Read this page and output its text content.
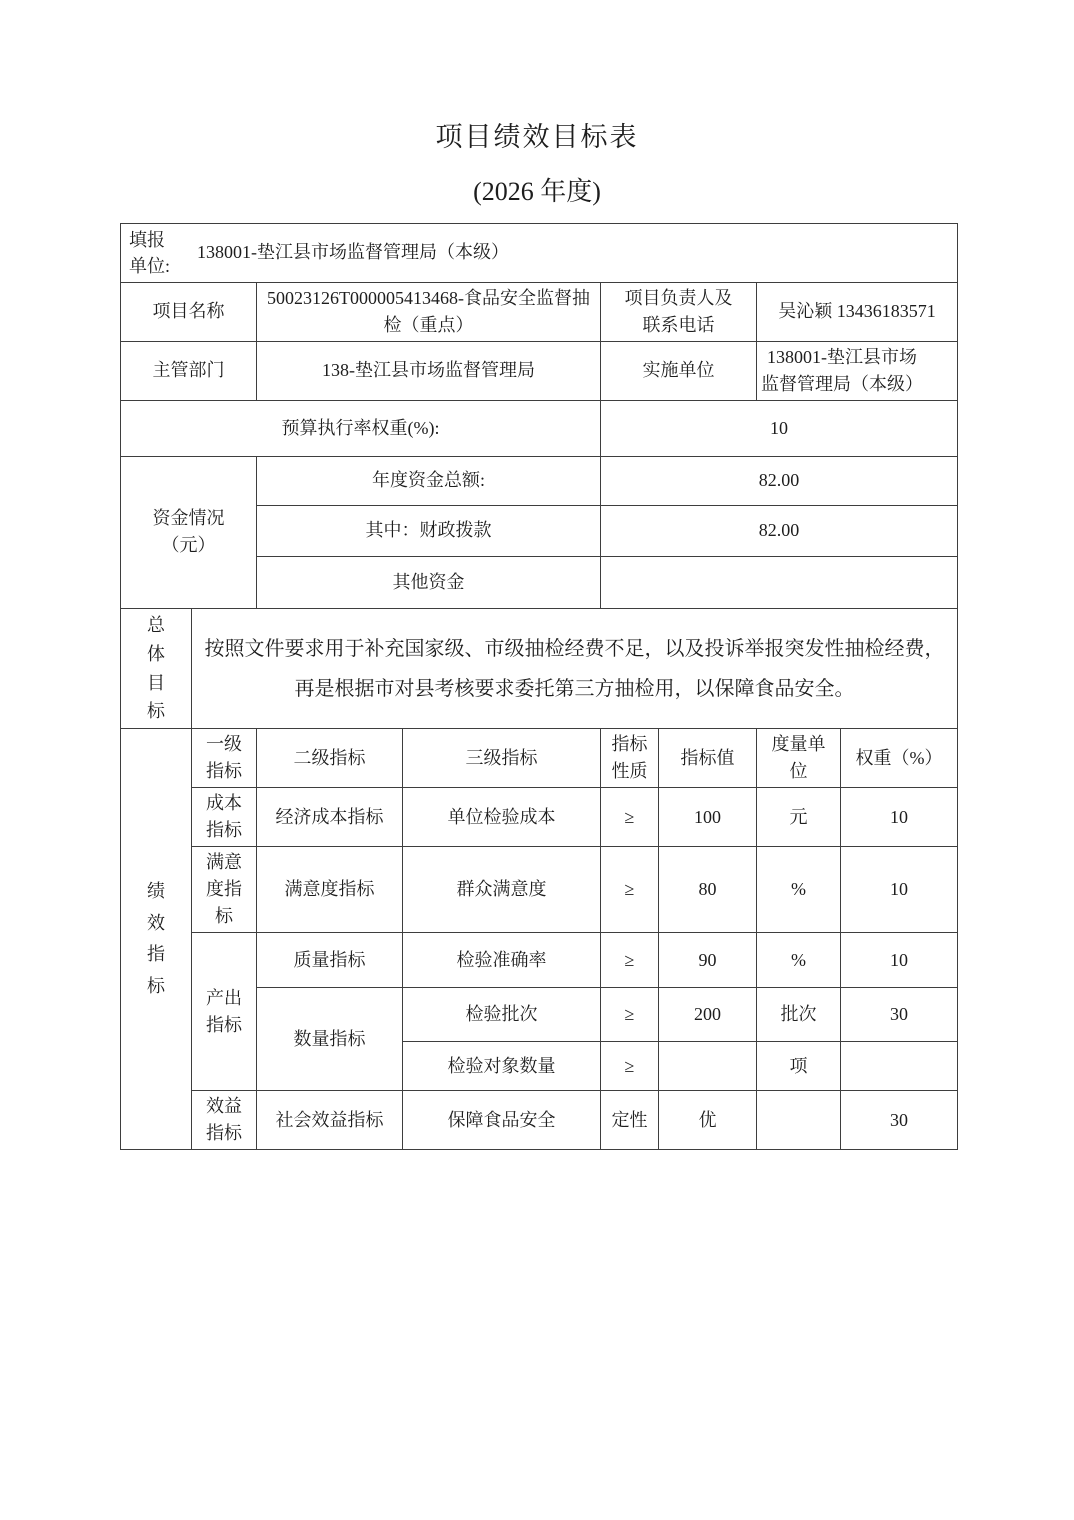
项目绩效目标表
(2026 年度)
填报单位:
138001-垫江县市场监督管理局（本级）							

项目名称		50023126T000005413468-食品安全监督抽检（重点）		项目负责人及联系电话		吴沁颖 13436183571	
主管部门		138-垫江县市场监督管理局		实施单位		138001-垫江县市场监督管理局（本级）	

预算执行率权重(%):				10			

资金情况（元）		年度资金总额:		82.00			
		其中：财政拨款		82.00			
		其他资金					

总体目标	按照文件要求用于补充国家级、市级抽检经费不足，以及投诉举报突发性抽检经费，再是根据市对县考核要求委托第三方抽检用，以保障食品安全。						

绩效指标	一级指标	二级指标	三级指标	指标性质	指标值	度量单位	权重（%）

	成本指标	经济成本指标	单位检验成本	≥	100	元	10

	满意度指标	满意度指标	群众满意度	≥	80	%	10

	产出指标	质量指标	检验准确率	≥	90	%	10
		数量指标	检验批次	≥	200	批次	30
			检验对象数量	≥		项	

	效益指标	社会效益指标	保障食品安全	定性	优		30
